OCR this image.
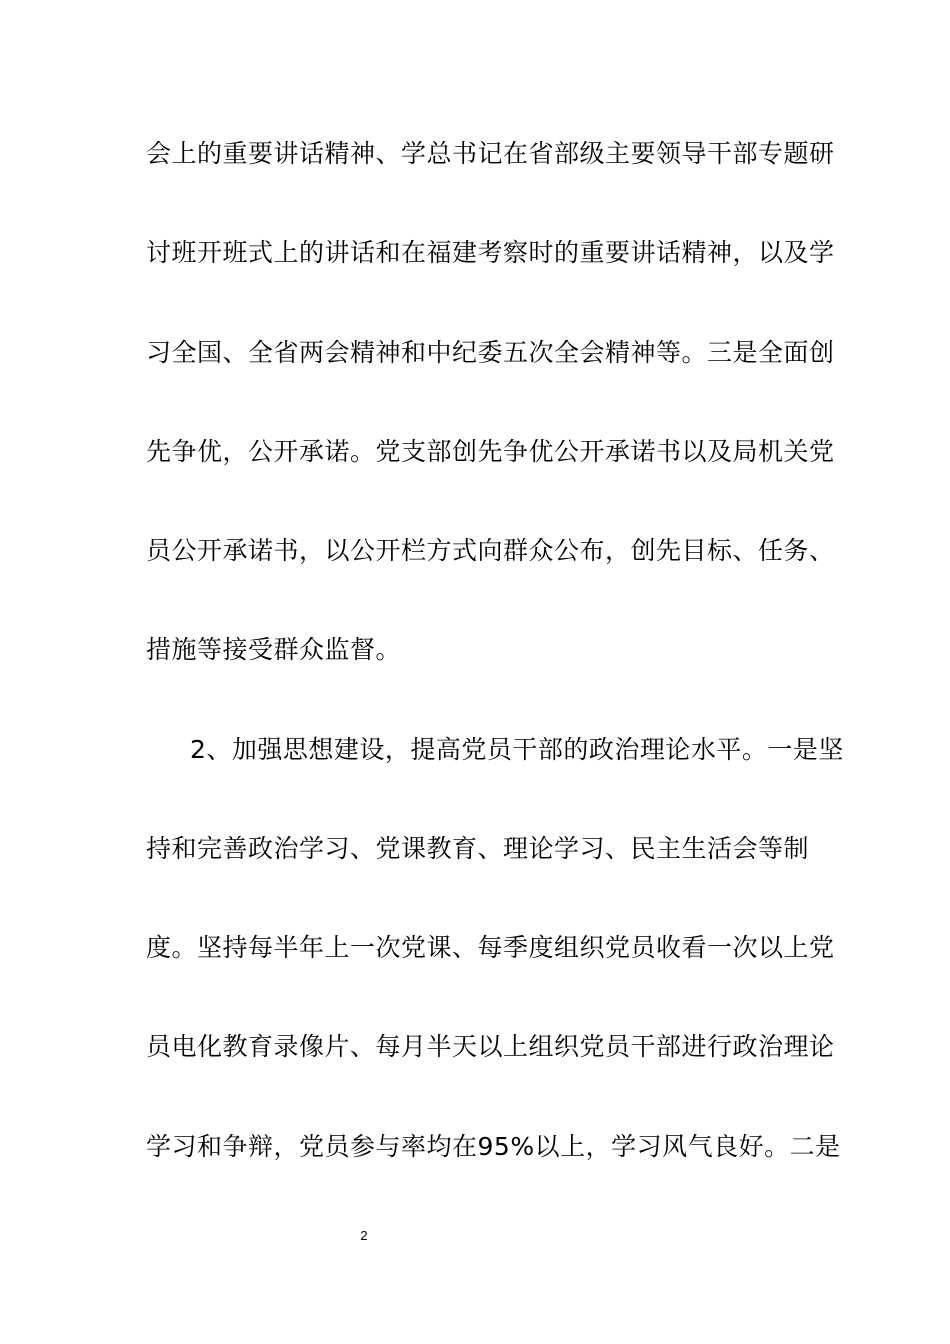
会上的重要讲话精神、学总书记在省部级主要领导干部专题研
讨班开班式上的讲话和在福建考察时的重要讲话精神，以及学
习全国、全省两会精神和中纪委五次全会精神等。三是全面创
先争优，公开承诺。党支部创先争优公开承诺书以及局机关党
员公开承诺书，以公开栏方式向群众公布，创先目标、任务、
措施等接受群众监督。
2、加强思想建设，提高党员干部的政治理论水平。一是坚
持和完善政治学习、党课教育、理论学习、民主生活会等制
度。坚持每半年上一次党课、每季度组织党员收看一次以上党
员电化教育录像片、每月半天以上组织党员干部进行政治理论
学习和争辩，党员参与率均在95%以上，学习风气良好。二是
2
